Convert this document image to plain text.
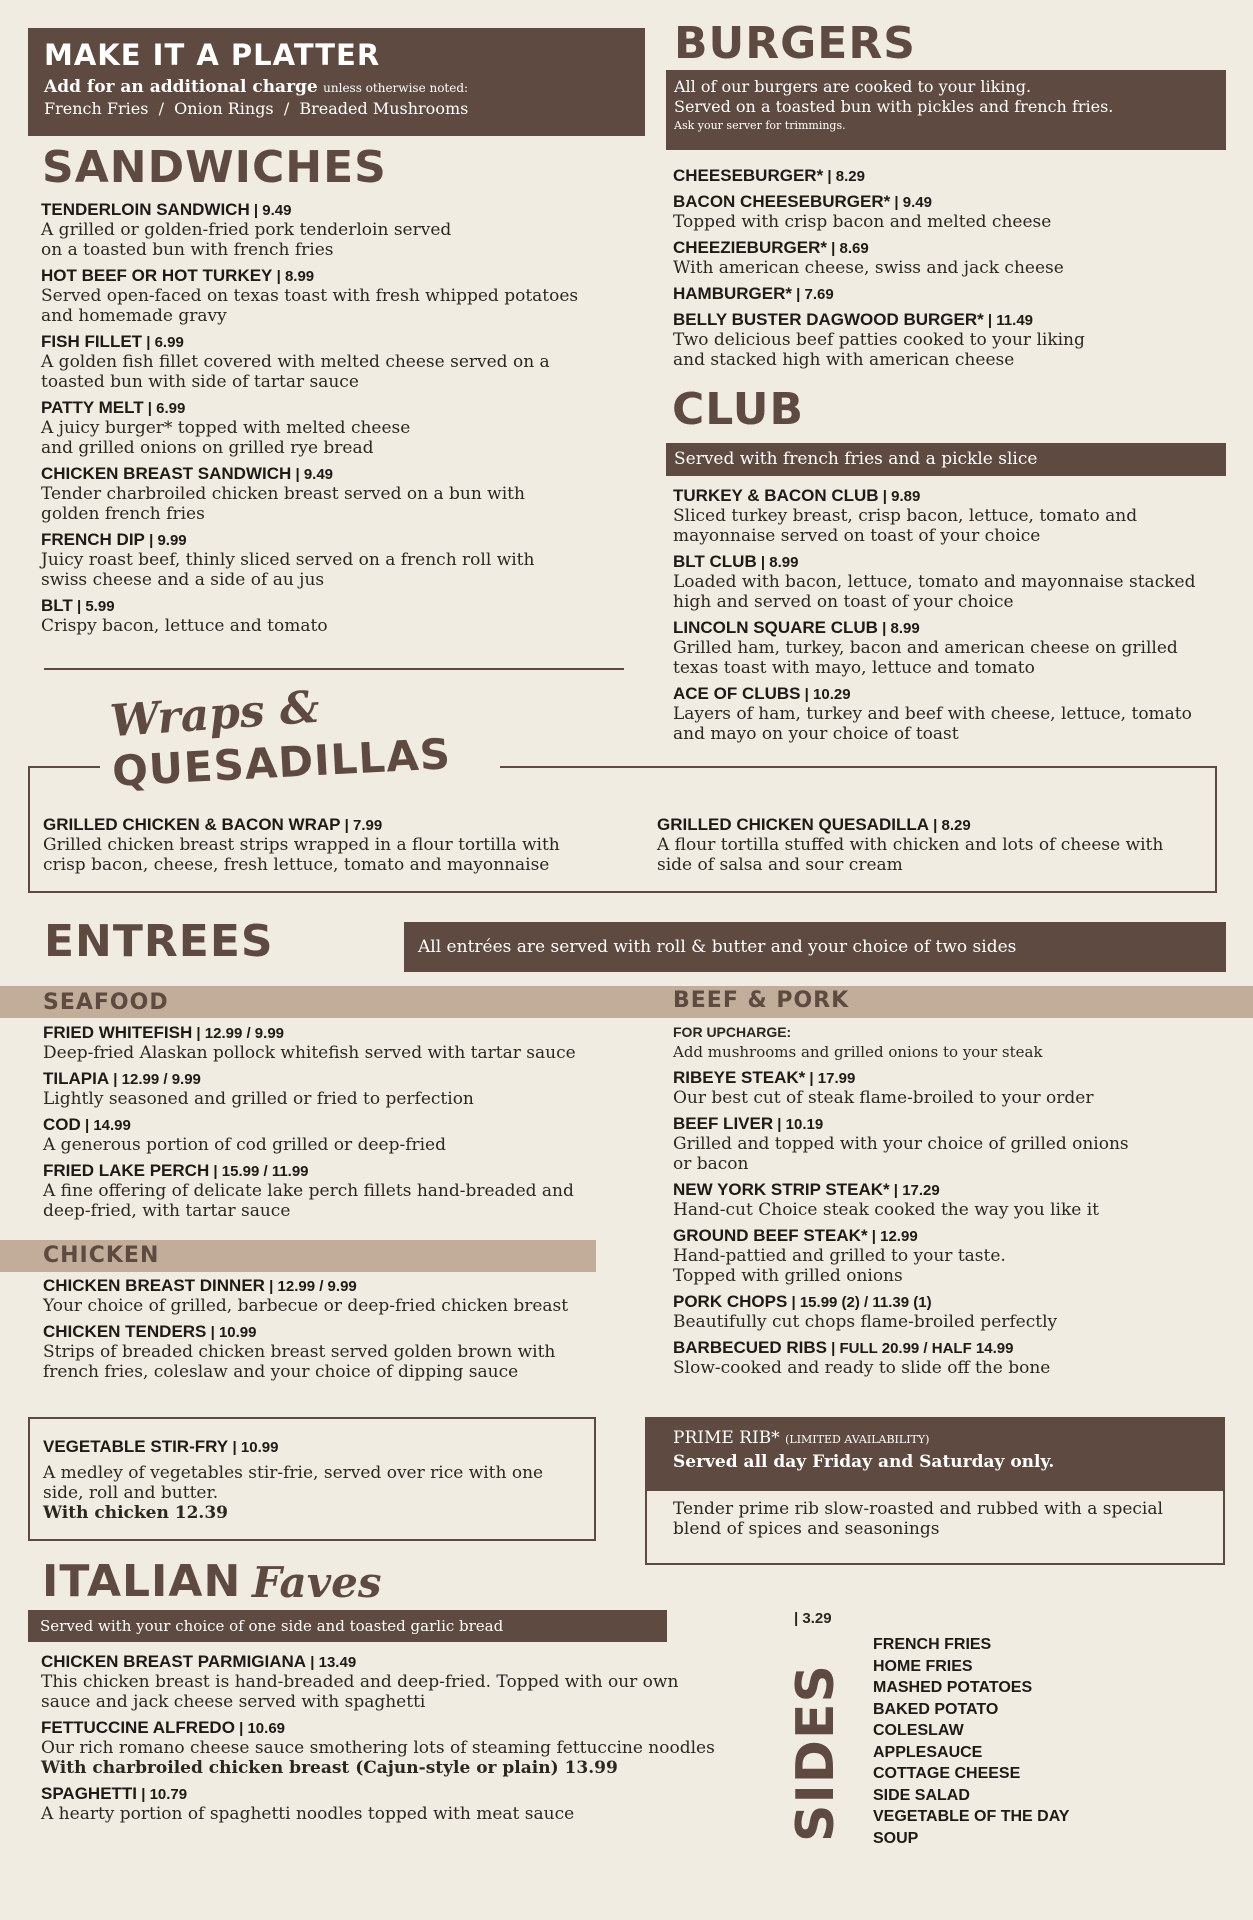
MAKE IT A PLATTER
Add for an additional charge unless otherwise noted:
French Fries  /  Onion Rings  /  Breaded Mushrooms
SANDWICHES
TENDERLOIN SANDWICH | 9.49
A grilled or golden-fried pork tenderloin served
on a toasted bun with french fries
HOT BEEF OR HOT TURKEY | 8.99
Served open-faced on texas toast with fresh whipped potatoes
and homemade gravy
FISH FILLET | 6.99
A golden fish fillet covered with melted cheese served on a
toasted bun with side of tartar sauce
PATTY MELT | 6.99
A juicy burger* topped with melted cheese
and grilled onions on grilled rye bread
CHICKEN BREAST SANDWICH | 9.49
Tender charbroiled chicken breast served on a bun with
golden french fries
FRENCH DIP | 9.99
Juicy roast beef, thinly sliced served on a french roll with
swiss cheese and a side of au jus
BLT | 5.99
Crispy bacon, lettuce and tomato
BURGERS
All of our burgers are cooked to your liking.
Served on a toasted bun with pickles and french fries.
Ask your server for trimmings.
CHEESEBURGER* | 8.29
BACON CHEESEBURGER* | 9.49
Topped with crisp bacon and melted cheese
CHEEZIEBURGER* | 8.69
With american cheese, swiss and jack cheese
HAMBURGER* | 7.69
BELLY BUSTER DAGWOOD BURGER* | 11.49
Two delicious beef patties cooked to your liking
and stacked high with american cheese
CLUB
Served with french fries and a pickle slice
TURKEY & BACON CLUB | 9.89
Sliced turkey breast, crisp bacon, lettuce, tomato and
mayonnaise served on toast of your choice
BLT CLUB | 8.99
Loaded with bacon, lettuce, tomato and mayonnaise stacked
high and served on toast of your choice
LINCOLN SQUARE CLUB | 8.99
Grilled ham, turkey, bacon and american cheese on grilled
texas toast with mayo, lettuce and tomato
ACE OF CLUBS | 10.29
Layers of ham, turkey and beef with cheese, lettuce, tomato
and mayo on your choice of toast
Wraps &
QUESADILLAS
GRILLED CHICKEN & BACON WRAP | 7.99
Grilled chicken breast strips wrapped in a flour tortilla with
crisp bacon, cheese, fresh lettuce, tomato and mayonnaise
GRILLED CHICKEN QUESADILLA | 8.29
A flour tortilla stuffed with chicken and lots of cheese with
side of salsa and sour cream
ENTREES	All entrées are served with roll & butter and your choice of two sides
SEAFOOD	BEEF & PORK
FRIED WHITEFISH | 12.99 / 9.99
Deep-fried Alaskan pollock whitefish served with tartar sauce
TILAPIA | 12.99 / 9.99
Lightly seasoned and grilled or fried to perfection
COD | 14.99
A generous portion of cod grilled or deep-fried
FRIED LAKE PERCH | 15.99 / 11.99
A fine offering of delicate lake perch fillets hand-breaded and
deep-fried, with tartar sauce
CHICKEN
CHICKEN BREAST DINNER | 12.99 / 9.99
Your choice of grilled, barbecue or deep-fried chicken breast
CHICKEN TENDERS | 10.99
Strips of breaded chicken breast served golden brown with
french fries, coleslaw and your choice of dipping sauce
FOR UPCHARGE:
Add mushrooms and grilled onions to your steak
RIBEYE STEAK* | 17.99
Our best cut of steak flame-broiled to your order
BEEF LIVER | 10.19
Grilled and topped with your choice of grilled onions
or bacon
NEW YORK STRIP STEAK* | 17.29
Hand-cut Choice steak cooked the way you like it
GROUND BEEF STEAK* | 12.99
Hand-pattied and grilled to your taste.
Topped with grilled onions
PORK CHOPS | 15.99 (2) / 11.39 (1)
Beautifully cut chops flame-broiled perfectly
BARBECUED RIBS | FULL 20.99 / HALF 14.99
Slow-cooked and ready to slide off the bone
VEGETABLE STIR-FRY | 10.99
A medley of vegetables stir-frie, served over rice with one
side, roll and butter.
With chicken 12.39
PRIME RIB* (LIMITED AVAILABILITY)
Served all day Friday and Saturday only.
Tender prime rib slow-roasted and rubbed with a special
blend of spices and seasonings
ITALIAN Faves
Served with your choice of one side and toasted garlic bread
CHICKEN BREAST PARMIGIANA | 13.49
This chicken breast is hand-breaded and deep-fried. Topped with our own
sauce and jack cheese served with spaghetti
FETTUCCINE ALFREDO | 10.69
Our rich romano cheese sauce smothering lots of steaming fettuccine noodles
With charbroiled chicken breast (Cajun-style or plain) 13.99
SPAGHETTI | 10.79
A hearty portion of spaghetti noodles topped with meat sauce
| 3.29
SIDES
FRENCH FRIES
HOME FRIES
MASHED POTATOES
BAKED POTATO
COLESLAW
APPLESAUCE
COTTAGE CHEESE
SIDE SALAD
VEGETABLE OF THE DAY
SOUP
